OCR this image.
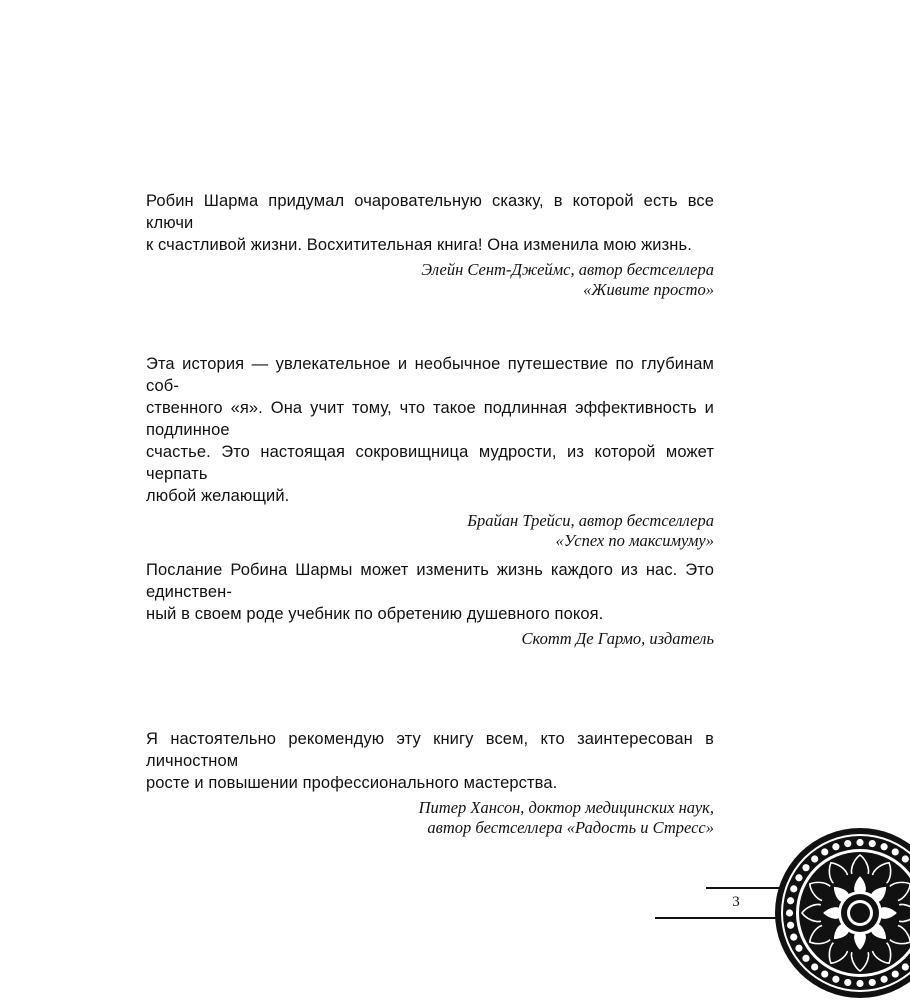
Робин Шарма придумал очаровательную сказку, в которой есть все ключи
к счастливой жизни. Восхитительная книга! Она изменила мою жизнь.

Элейн Сент-Джеймс, автор бестселлера
«Живите просто»

Эта история — увлекательное и необычное путешествие по глубинам соб-
ственного «я». Она учит тому, что такое подлинная эффективность и подлинное
счастье. Это настоящая сокровищница мудрости, из которой может черпать
любой желающий.

Брайан Трейси, автор бестселлера
«Успех по максимуму»

Послание Робина Шармы может изменить жизнь каждого из нас. Это единствен-
ный в своем роде учебник по обретению душевного покоя.

Скотт Де Гармо, издатель

Я настоятельно рекомендую эту книгу всем, кто заинтересован в личностном
росте и повышении профессионального мастерства.

Питер Хансон, доктор медицинских наук,
автор бестселлера «Радость и Стресс»
3
